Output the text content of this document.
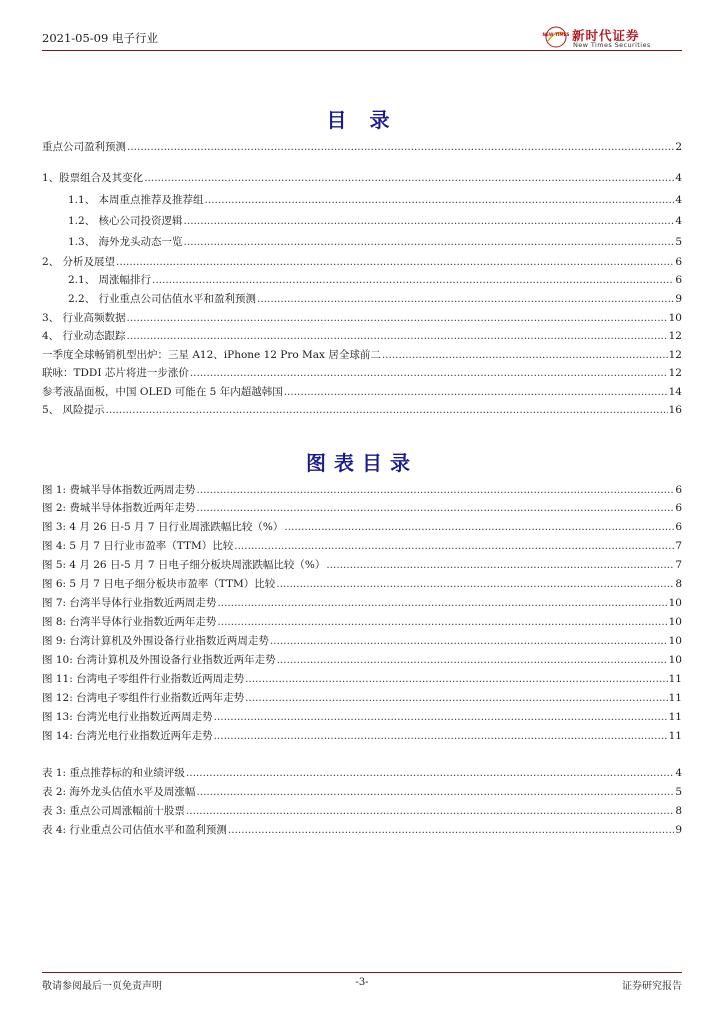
2021-05-09 电子行业	NEW TIMES 新时代证券
New Times Securities
目 录
重点公司盈利预测 .....	2
1、股票组合及其变化 .....	4
1.1、 本周重点推荐及推荐组 .....	4
1.2、 核心公司投资逻辑 .....	4
1.3、 海外龙头动态一览 .....	5
2、 分析及展望 .....	6
2.1、 周涨幅排行 .....	6
2.2、 行业重点公司估值水平和盈利预测 .....	9
3、 行业高频数据 .....	10
4、 行业动态跟踪 .....	12
一季度全球畅销机型出炉：三星 A12、iPhone 12 Pro Max 居全球前二 .....	12
联咏：TDDI 芯片将进一步涨价 .....	12
参考液晶面板，中国 OLED 可能在 5 年内超越韩国 .....	14
5、 风险提示 .....	16
图表目录
图 1: 费城半导体指数近两周走势 .....	6
图 2: 费城半导体指数近两年走势 .....	6
图 3: 4 月 26 日-5 月 7 日行业周涨跌幅比较（%） .....	6
图 4: 5 月 7 日行业市盈率（TTM）比较 .....	7
图 5: 4 月 26 日-5 月 7 日电子细分板块周涨跌幅比较（%） .....	7
图 6: 5 月 7 日电子细分板块市盈率（TTM）比较 .....	8
图 7: 台湾半导体行业指数近两周走势 .....	10
图 8: 台湾半导体行业指数近两年走势 .....	10
图 9: 台湾计算机及外围设备行业指数近两周走势 .....	10
图 10: 台湾计算机及外围设备行业指数近两年走势 .....	10
图 11: 台湾电子零组件行业指数近两周走势 .....	11
图 12: 台湾电子零组件行业指数近两年走势 .....	11
图 13: 台湾光电行业指数近两周走势 .....	11
图 14: 台湾光电行业指数近两年走势 .....	11
表 1: 重点推荐标的和业绩评级 .....	4
表 2: 海外龙头估值水平及周涨幅 .....	5
表 3: 重点公司周涨幅前十股票 .....	8
表 4: 行业重点公司估值水平和盈利预测 .....	9
敬请参阅最后一页免责声明	-3-	证券研究报告
